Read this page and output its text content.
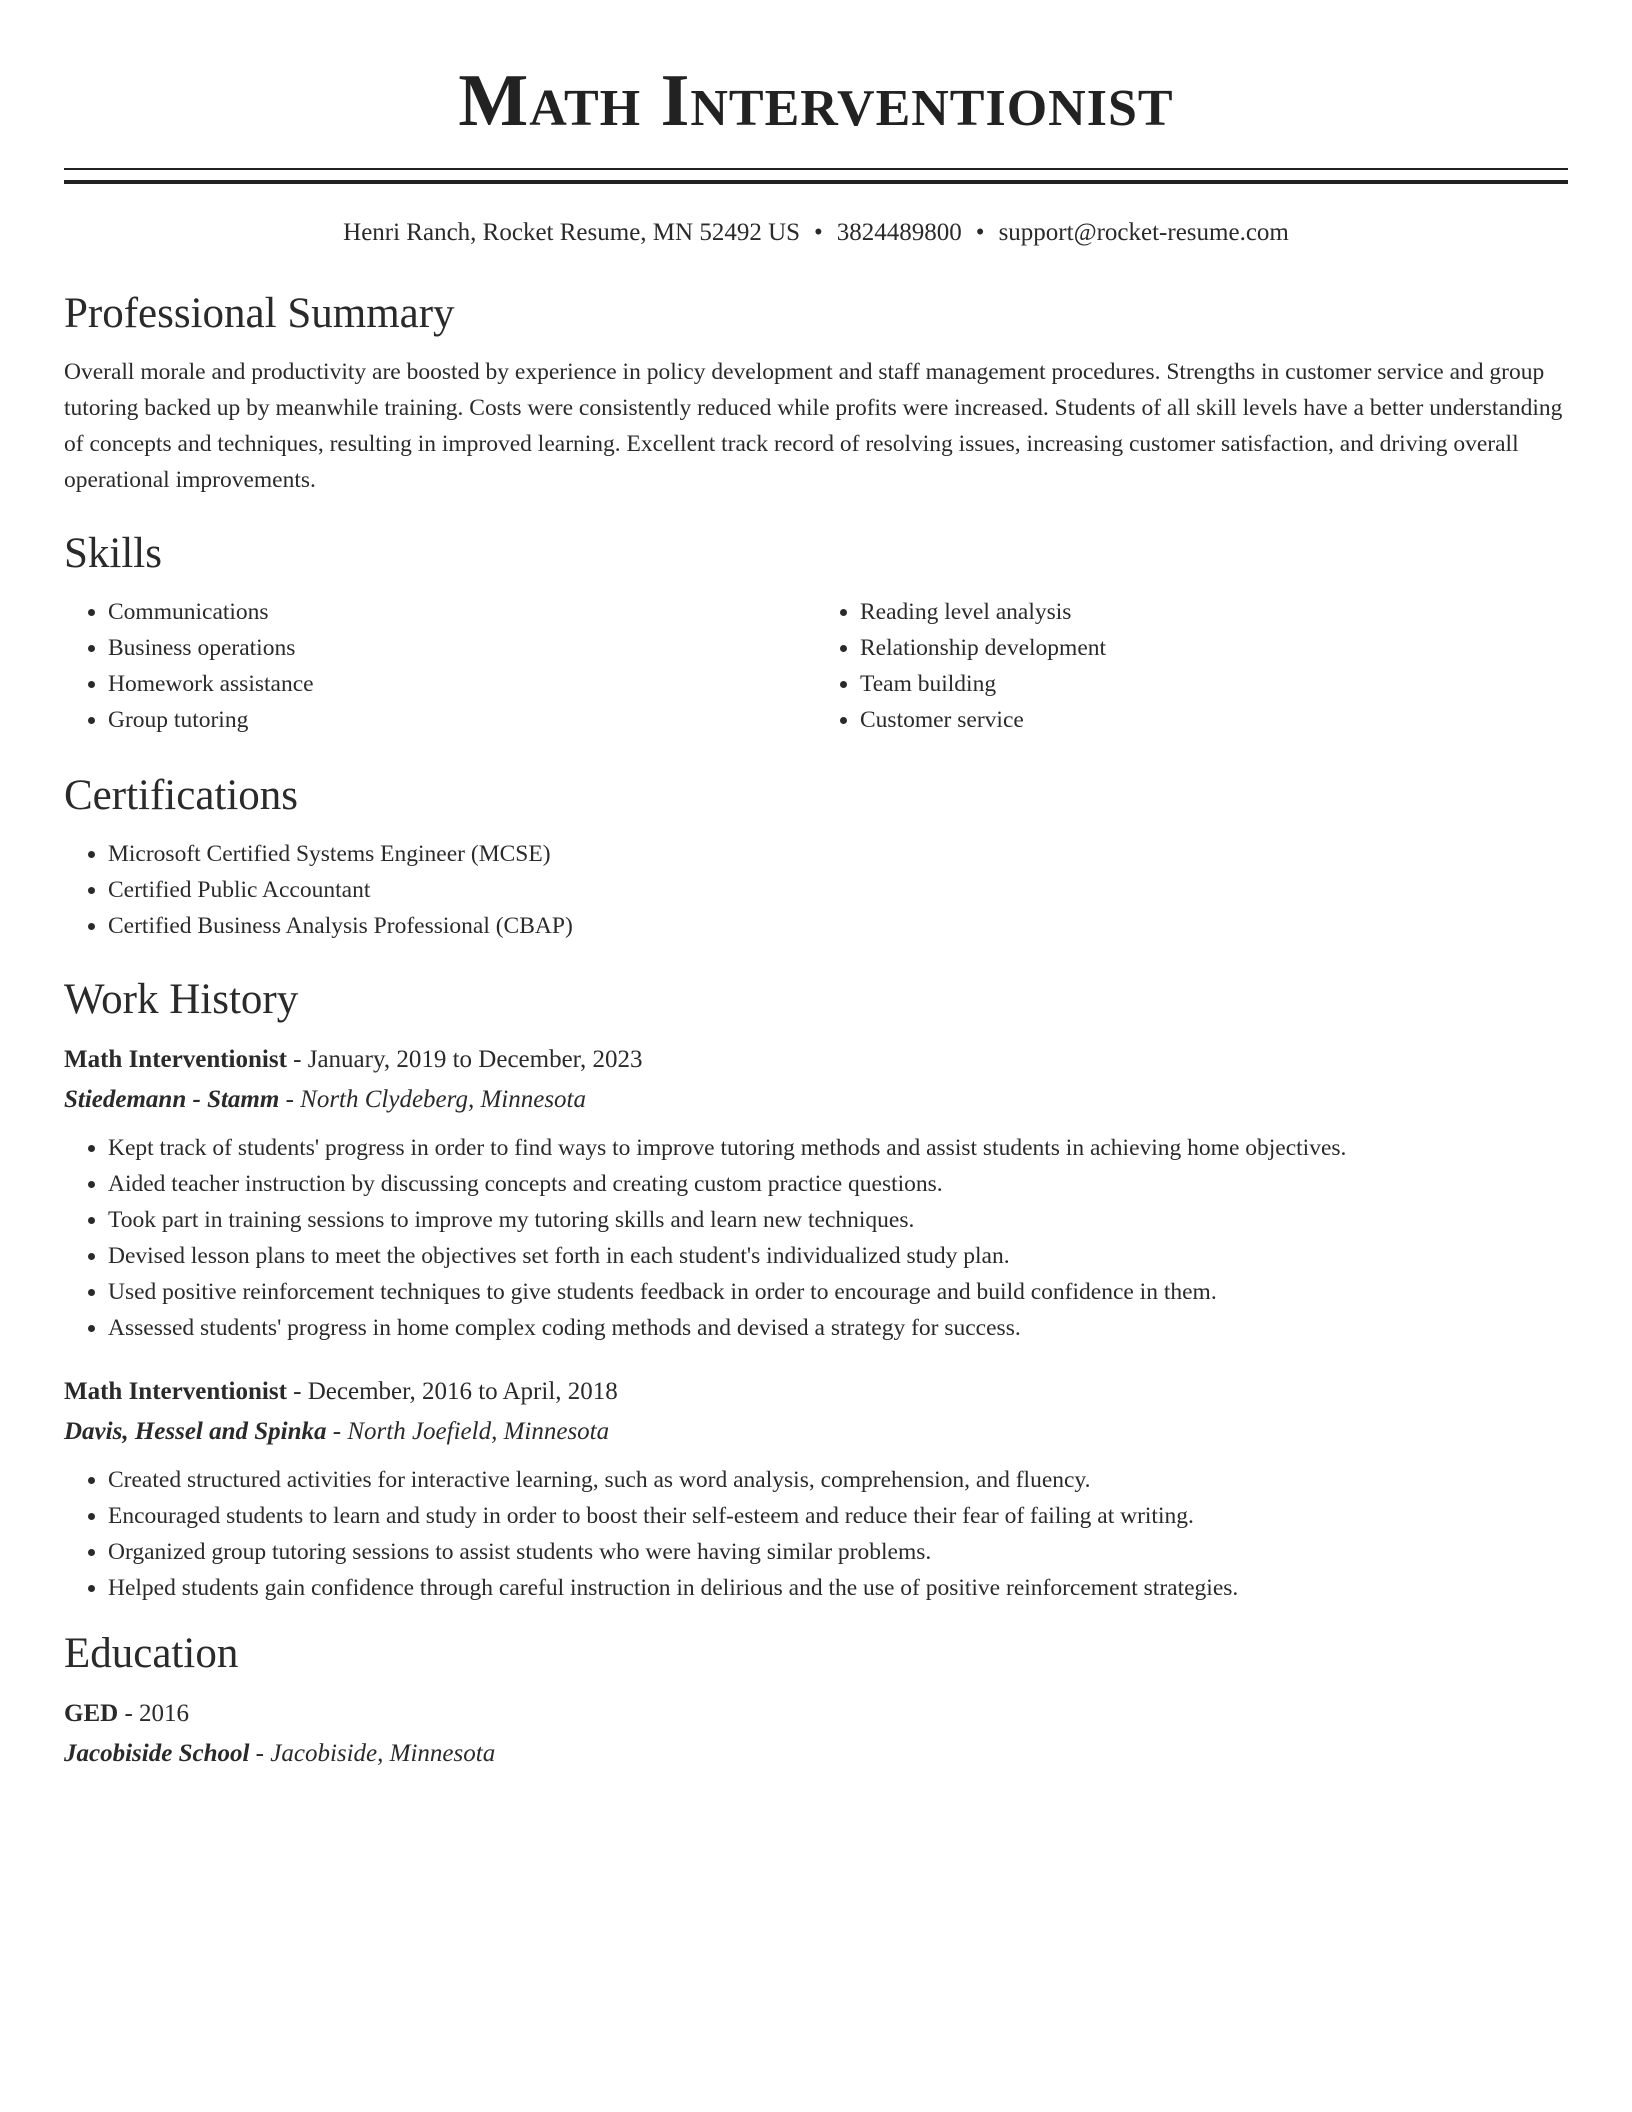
Math Interventionist
Henri Ranch, Rocket Resume, MN 52492 US • 3824489800 • support@rocket-resume.com
Professional Summary
Overall morale and productivity are boosted by experience in policy development and staff management procedures. Strengths in customer service and group tutoring backed up by meanwhile training. Costs were consistently reduced while profits were increased. Students of all skill levels have a better understanding of concepts and techniques, resulting in improved learning. Excellent track record of resolving issues, increasing customer satisfaction, and driving overall operational improvements.
Skills
• Communications
• Business operations
• Homework assistance
• Group tutoring
• Reading level analysis
• Relationship development
• Team building
• Customer service
Certifications
• Microsoft Certified Systems Engineer (MCSE)
• Certified Public Accountant
• Certified Business Analysis Professional (CBAP)
Work History
Math Interventionist - January, 2019 to December, 2023
Stiedemann - Stamm - North Clydeberg, Minnesota
• Kept track of students' progress in order to find ways to improve tutoring methods and assist students in achieving home objectives.
• Aided teacher instruction by discussing concepts and creating custom practice questions.
• Took part in training sessions to improve my tutoring skills and learn new techniques.
• Devised lesson plans to meet the objectives set forth in each student's individualized study plan.
• Used positive reinforcement techniques to give students feedback in order to encourage and build confidence in them.
• Assessed students' progress in home complex coding methods and devised a strategy for success.
Math Interventionist - December, 2016 to April, 2018
Davis, Hessel and Spinka - North Joefield, Minnesota
• Created structured activities for interactive learning, such as word analysis, comprehension, and fluency.
• Encouraged students to learn and study in order to boost their self-esteem and reduce their fear of failing at writing.
• Organized group tutoring sessions to assist students who were having similar problems.
• Helped students gain confidence through careful instruction in delirious and the use of positive reinforcement strategies.
Education
GED - 2016
Jacobiside School - Jacobiside, Minnesota
